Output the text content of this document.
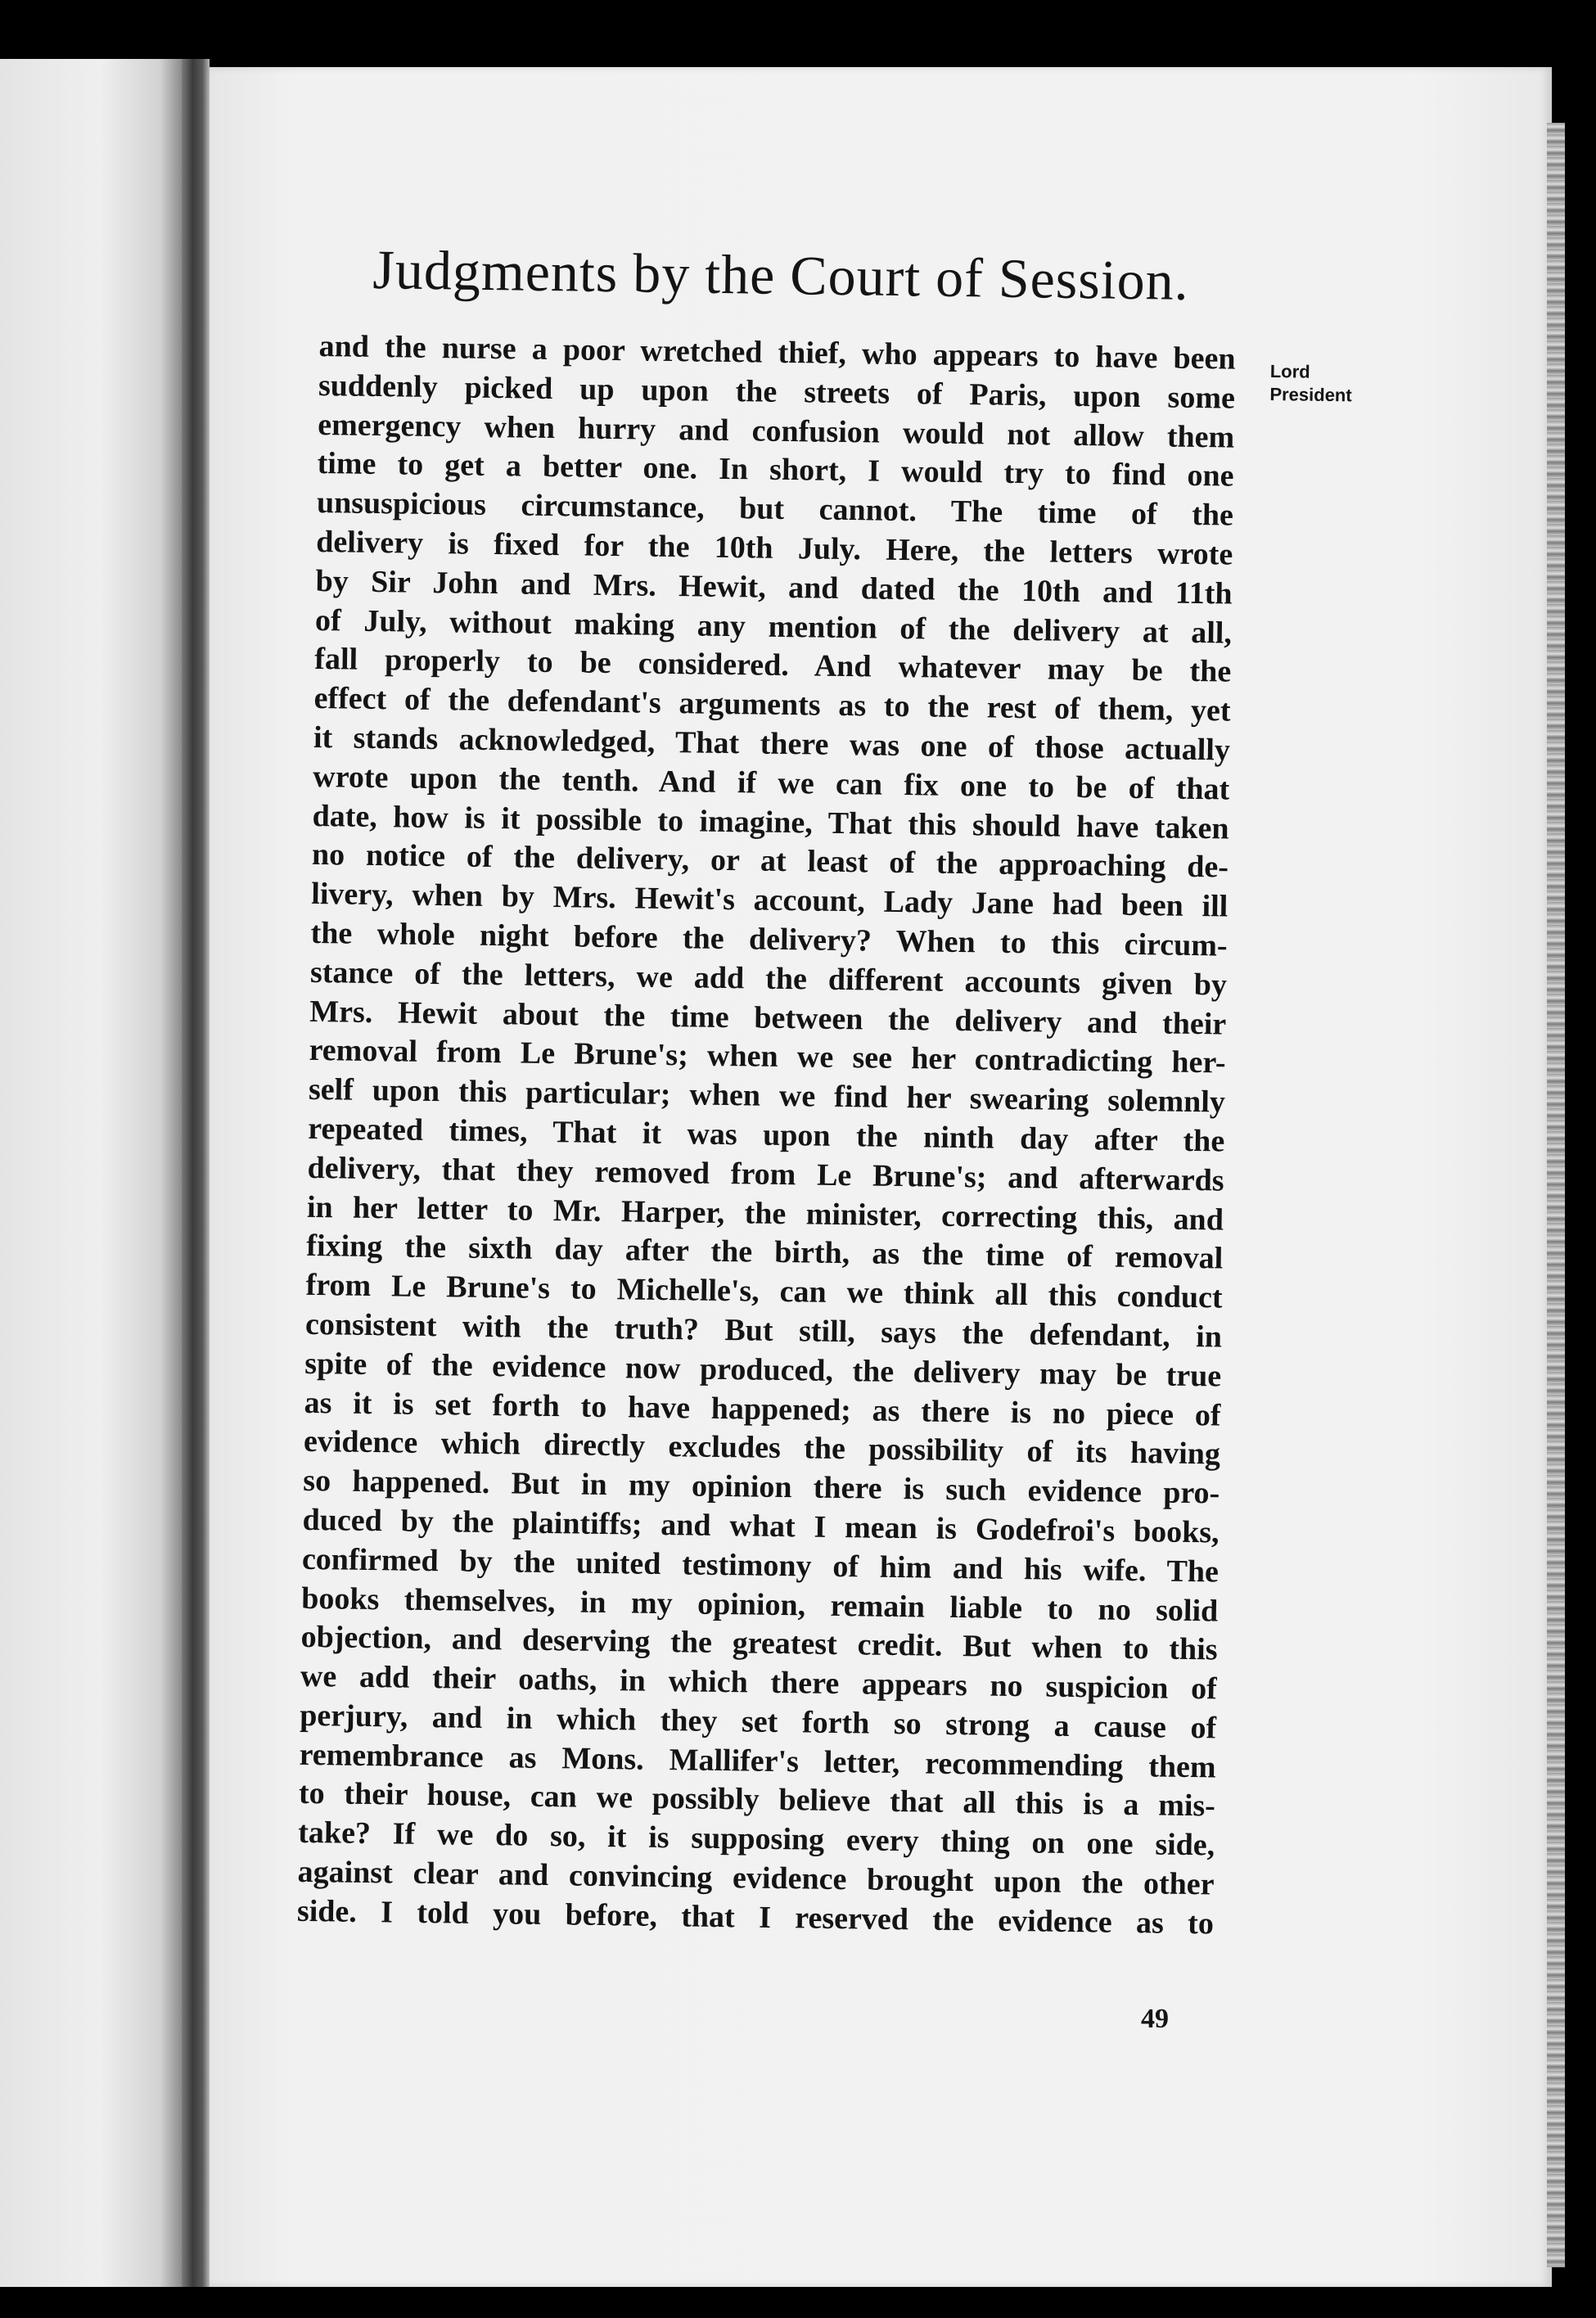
Judgments by the Court of Session.
Lord
President
and the nurse a poor wretched thief, who appears to have been
suddenly picked up upon the streets of Paris, upon some
emergency when hurry and confusion would not allow them
time to get a better one. In short, I would try to find one
unsuspicious circumstance, but cannot. The time of the
delivery is fixed for the 10th July. Here, the letters wrote
by Sir John and Mrs. Hewit, and dated the 10th and 11th
of July, without making any mention of the delivery at all,
fall properly to be considered. And whatever may be the
effect of the defendant's arguments as to the rest of them, yet
it stands acknowledged, That there was one of those actually
wrote upon the tenth. And if we can fix one to be of that
date, how is it possible to imagine, That this should have taken
no notice of the delivery, or at least of the approaching de-
livery, when by Mrs. Hewit's account, Lady Jane had been ill
the whole night before the delivery? When to this circum-
stance of the letters, we add the different accounts given by
Mrs. Hewit about the time between the delivery and their
removal from Le Brune's; when we see her contradicting her-
self upon this particular; when we find her swearing solemnly
repeated times, That it was upon the ninth day after the
delivery, that they removed from Le Brune's; and afterwards
in her letter to Mr. Harper, the minister, correcting this, and
fixing the sixth day after the birth, as the time of removal
from Le Brune's to Michelle's, can we think all this conduct
consistent with the truth? But still, says the defendant, in
spite of the evidence now produced, the delivery may be true
as it is set forth to have happened; as there is no piece of
evidence which directly excludes the possibility of its having
so happened. But in my opinion there is such evidence pro-
duced by the plaintiffs; and what I mean is Godefroi's books,
confirmed by the united testimony of him and his wife. The
books themselves, in my opinion, remain liable to no solid
objection, and deserving the greatest credit. But when to this
we add their oaths, in which there appears no suspicion of
perjury, and in which they set forth so strong a cause of
remembrance as Mons. Mallifer's letter, recommending them
to their house, can we possibly believe that all this is a mis-
take? If we do so, it is supposing every thing on one side,
against clear and convincing evidence brought upon the other
side. I told you before, that I reserved the evidence as to

49
